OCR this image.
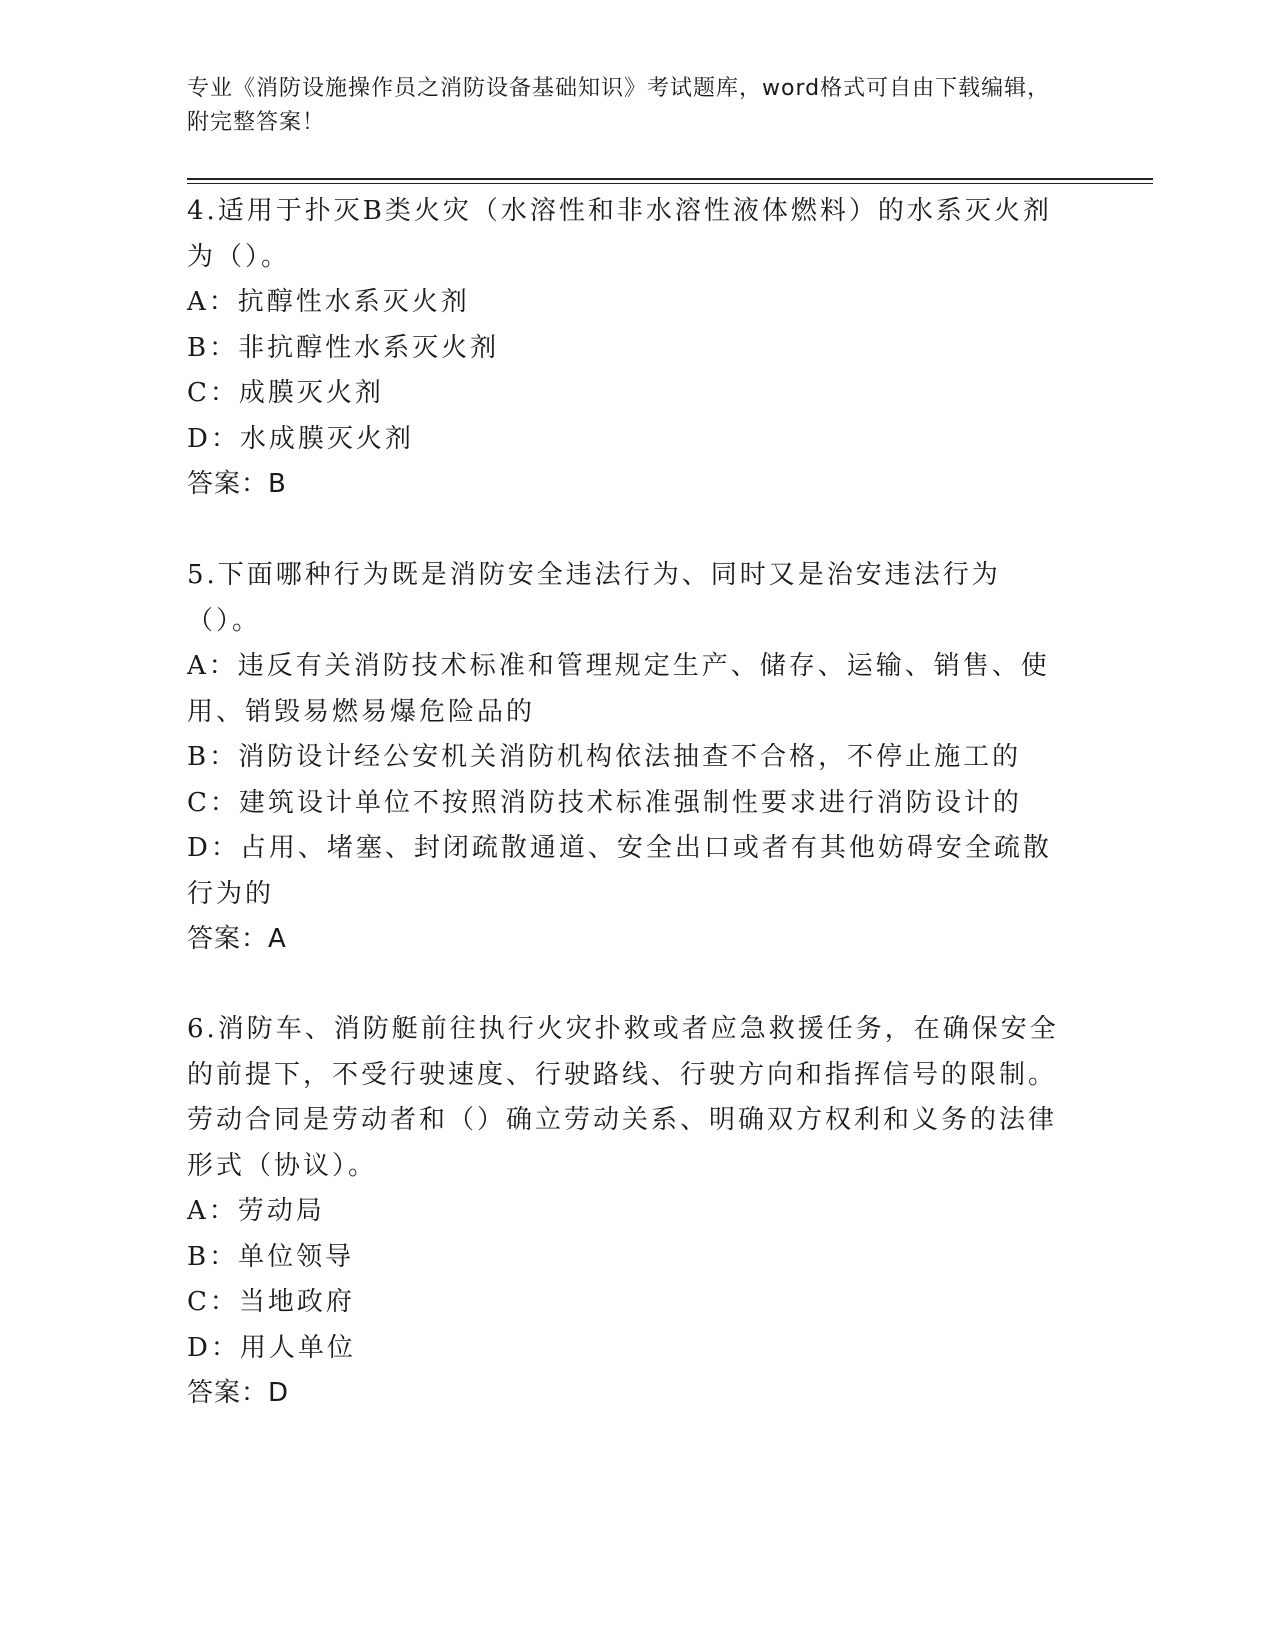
专业《消防设施操作员之消防设备基础知识》考试题库，word格式可自由下载编辑，附完整答案！

4.适用于扑灭B类火灾（水溶性和非水溶性液体燃料）的水系灭火剂为（）。

A：抗醇性水系灭火剂

B：非抗醇性水系灭火剂

C：成膜灭火剂

D：水成膜灭火剂

答案：B

5.下面哪种行为既是消防安全违法行为、同时又是治安违法行为（）。

A：违反有关消防技术标准和管理规定生产、储存、运输、销售、使用、销毁易燃易爆危险品的

B：消防设计经公安机关消防机构依法抽查不合格，不停止施工的

C：建筑设计单位不按照消防技术标准强制性要求进行消防设计的

D：占用、堵塞、封闭疏散通道、安全出口或者有其他妨碍安全疏散行为的

答案：A

6.消防车、消防艇前往执行火灾扑救或者应急救援任务，在确保安全的前提下，不受行驶速度、行驶路线、行驶方向和指挥信号的限制。劳动合同是劳动者和（）确立劳动关系、明确双方权利和义务的法律形式（协议）。

A：劳动局

B：单位领导

C：当地政府

D：用人单位

答案：D
